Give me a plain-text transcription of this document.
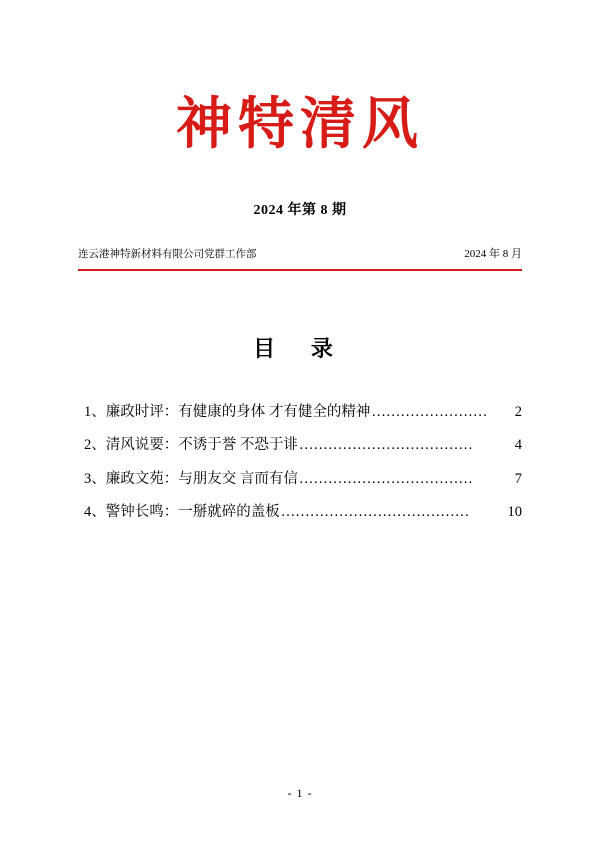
神特清风
2024 年第 8 期
连云港神特新材料有限公司党群工作部	2024 年 8 月
目 录
1、廉政时评：有健康的身体 才有健全的精神 ……………………	2
2、清风说要：不诱于誉 不恐于诽 ………………………………	4
3、廉政文苑：与朋友交 言而有信 ………………………………	7
4、警钟长鸣：一掰就碎的盖板 …………………………………	10
- 1 -
